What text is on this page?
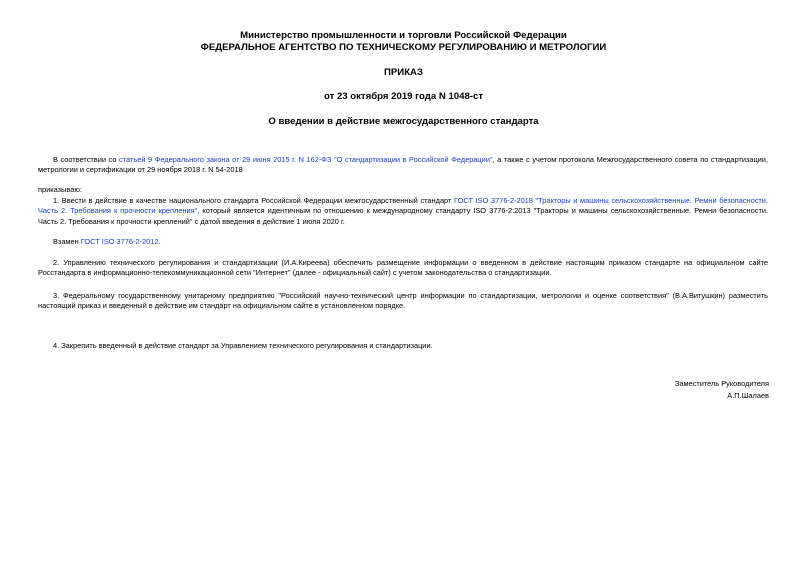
Министерство промышленности и торговли Российской Федерации
ФЕДЕРАЛЬНОЕ АГЕНТСТВО ПО ТЕХНИЧЕСКОМУ РЕГУЛИРОВАНИЮ И МЕТРОЛОГИИ
ПРИКАЗ
от 23 октября 2019 года N 1048-ст
О введении в действие межгосударственного стандарта
В соответствии со статьей 9 Федерального закона от 29 июня 2015 г. N 162-ФЗ "О стандартизации в Российской Федерации", а также с учетом протокола Межгосударственного совета по стандартизации, метрологии и сертификации от 29 ноября 2018 г. N 54-2018
приказываю:
1. Ввести в действие в качестве национального стандарта Российской Федерации межгосударственный стандарт ГОСТ ISO 3776-2-2018 "Тракторы и машины сельскохозяйственные. Ремни безопасности. Часть 2. Требования к прочности крепления", который является идентичным по отношению к международному стандарту ISO 3776-2:2013 "Тракторы и машины сельскохозяйственные. Ремни безопасности. Часть 2. Требования к прочности креплений" с датой введения в действие 1 июля 2020 г.
Взамен ГОСТ ISO 3776-2-2012.
2. Управлению технического регулирования и стандартизации (И.А.Киреева) обеспечить размещение информации о введенном в действие настоящим приказом стандарте на официальном сайте Росстандарта в информационно-телекоммуникационной сети "Интернет" (далее - официальный сайт) с учетом законодательства о стандартизации.
3. Федеральному государственному унитарному предприятию "Российский научно-технический центр информации по стандартизации, метрологии и оценке соответствия" (В.А.Витушкин) разместить настоящий приказ и введенный в действие им стандарт на официальном сайте в установленном порядке.
4. Закрепить введенный в действие стандарт за Управлением технического регулирования и стандартизации.
Заместитель Руководителя
А.П.Шалаев
